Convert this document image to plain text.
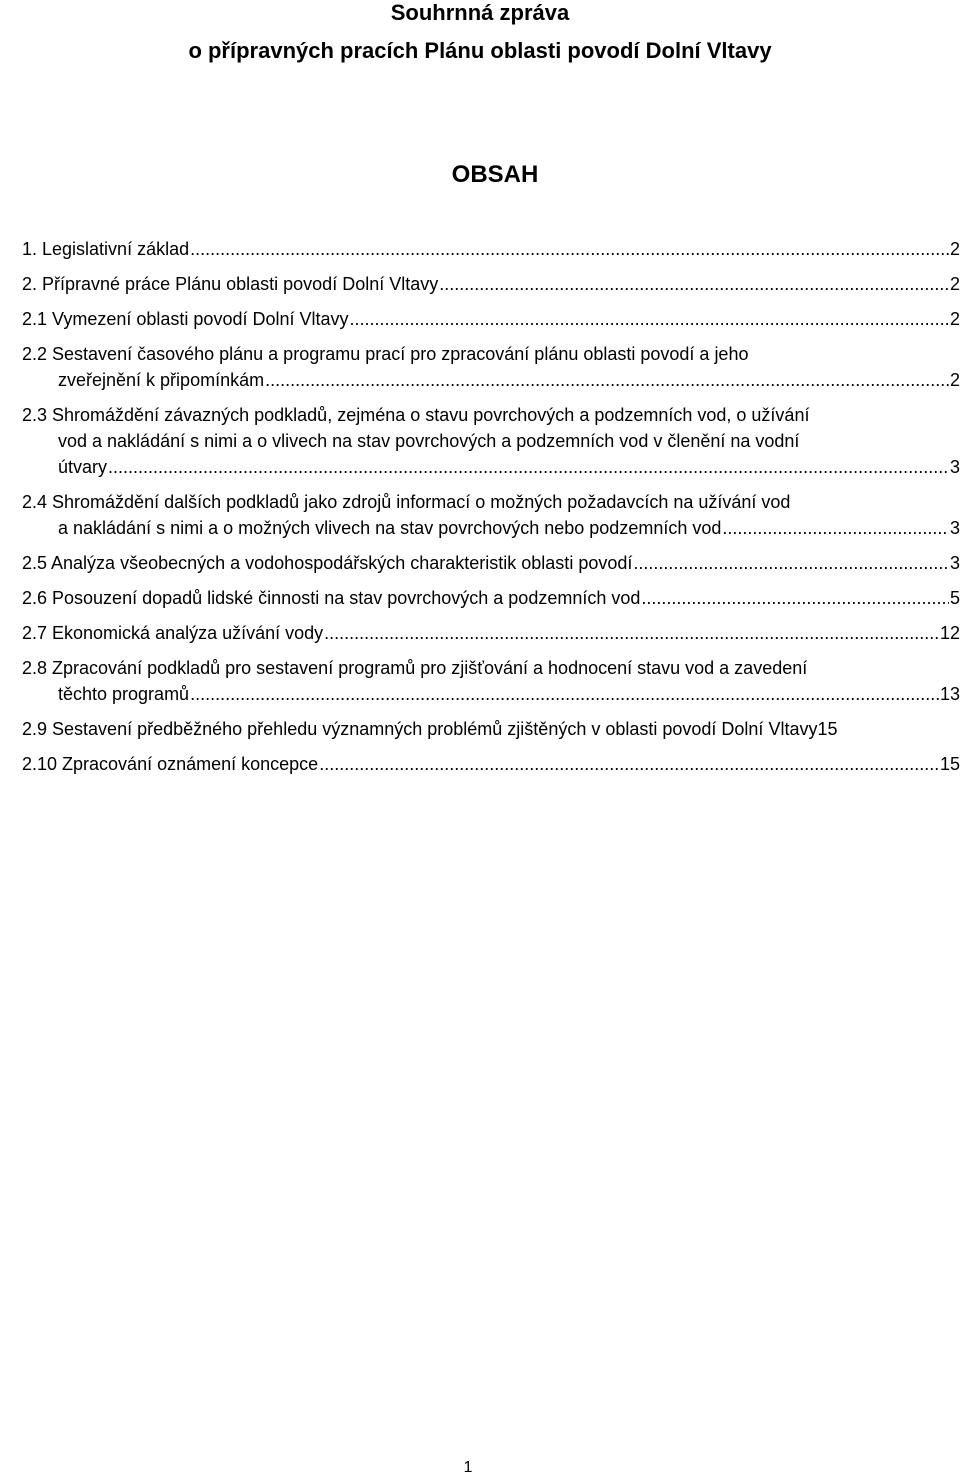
Souhrnná zpráva
o přípravných pracích Plánu oblasti povodí Dolní Vltavy
OBSAH
1. Legislativní základ .....	2
2. Přípravné práce Plánu oblasti povodí Dolní Vltavy .....	2
2.1 Vymezení oblasti povodí Dolní Vltavy .....	2
2.2 Sestavení časového plánu a programu prací pro zpracování plánu oblasti povodí a jeho
zveřejnění k připomínkám .....	2
2.3 Shromáždění závazných podkladů, zejména o stavu povrchových a podzemních vod, o užívání
vod a nakládání s nimi a o vlivech na stav povrchových a podzemních vod v členění na vodní
útvary .....	3
2.4 Shromáždění dalších podkladů jako zdrojů informací o možných požadavcích na užívání vod
a nakládání s nimi a o možných vlivech na stav povrchových nebo podzemních vod .....	3
2.5 Analýza všeobecných a vodohospodářských charakteristik oblasti povodí .....	3
2.6 Posouzení dopadů lidské činnosti na stav povrchových a podzemních vod .....	5
2.7 Ekonomická analýza užívání vody .....	12
2.8 Zpracování podkladů pro sestavení programů pro zjišťování a hodnocení stavu vod a zavedení
těchto programů .....	13
2.9 Sestavení předběžného přehledu významných problémů zjištěných v oblasti povodí Dolní Vltavy 15
2.10 Zpracování oznámení koncepce .....	15
1
